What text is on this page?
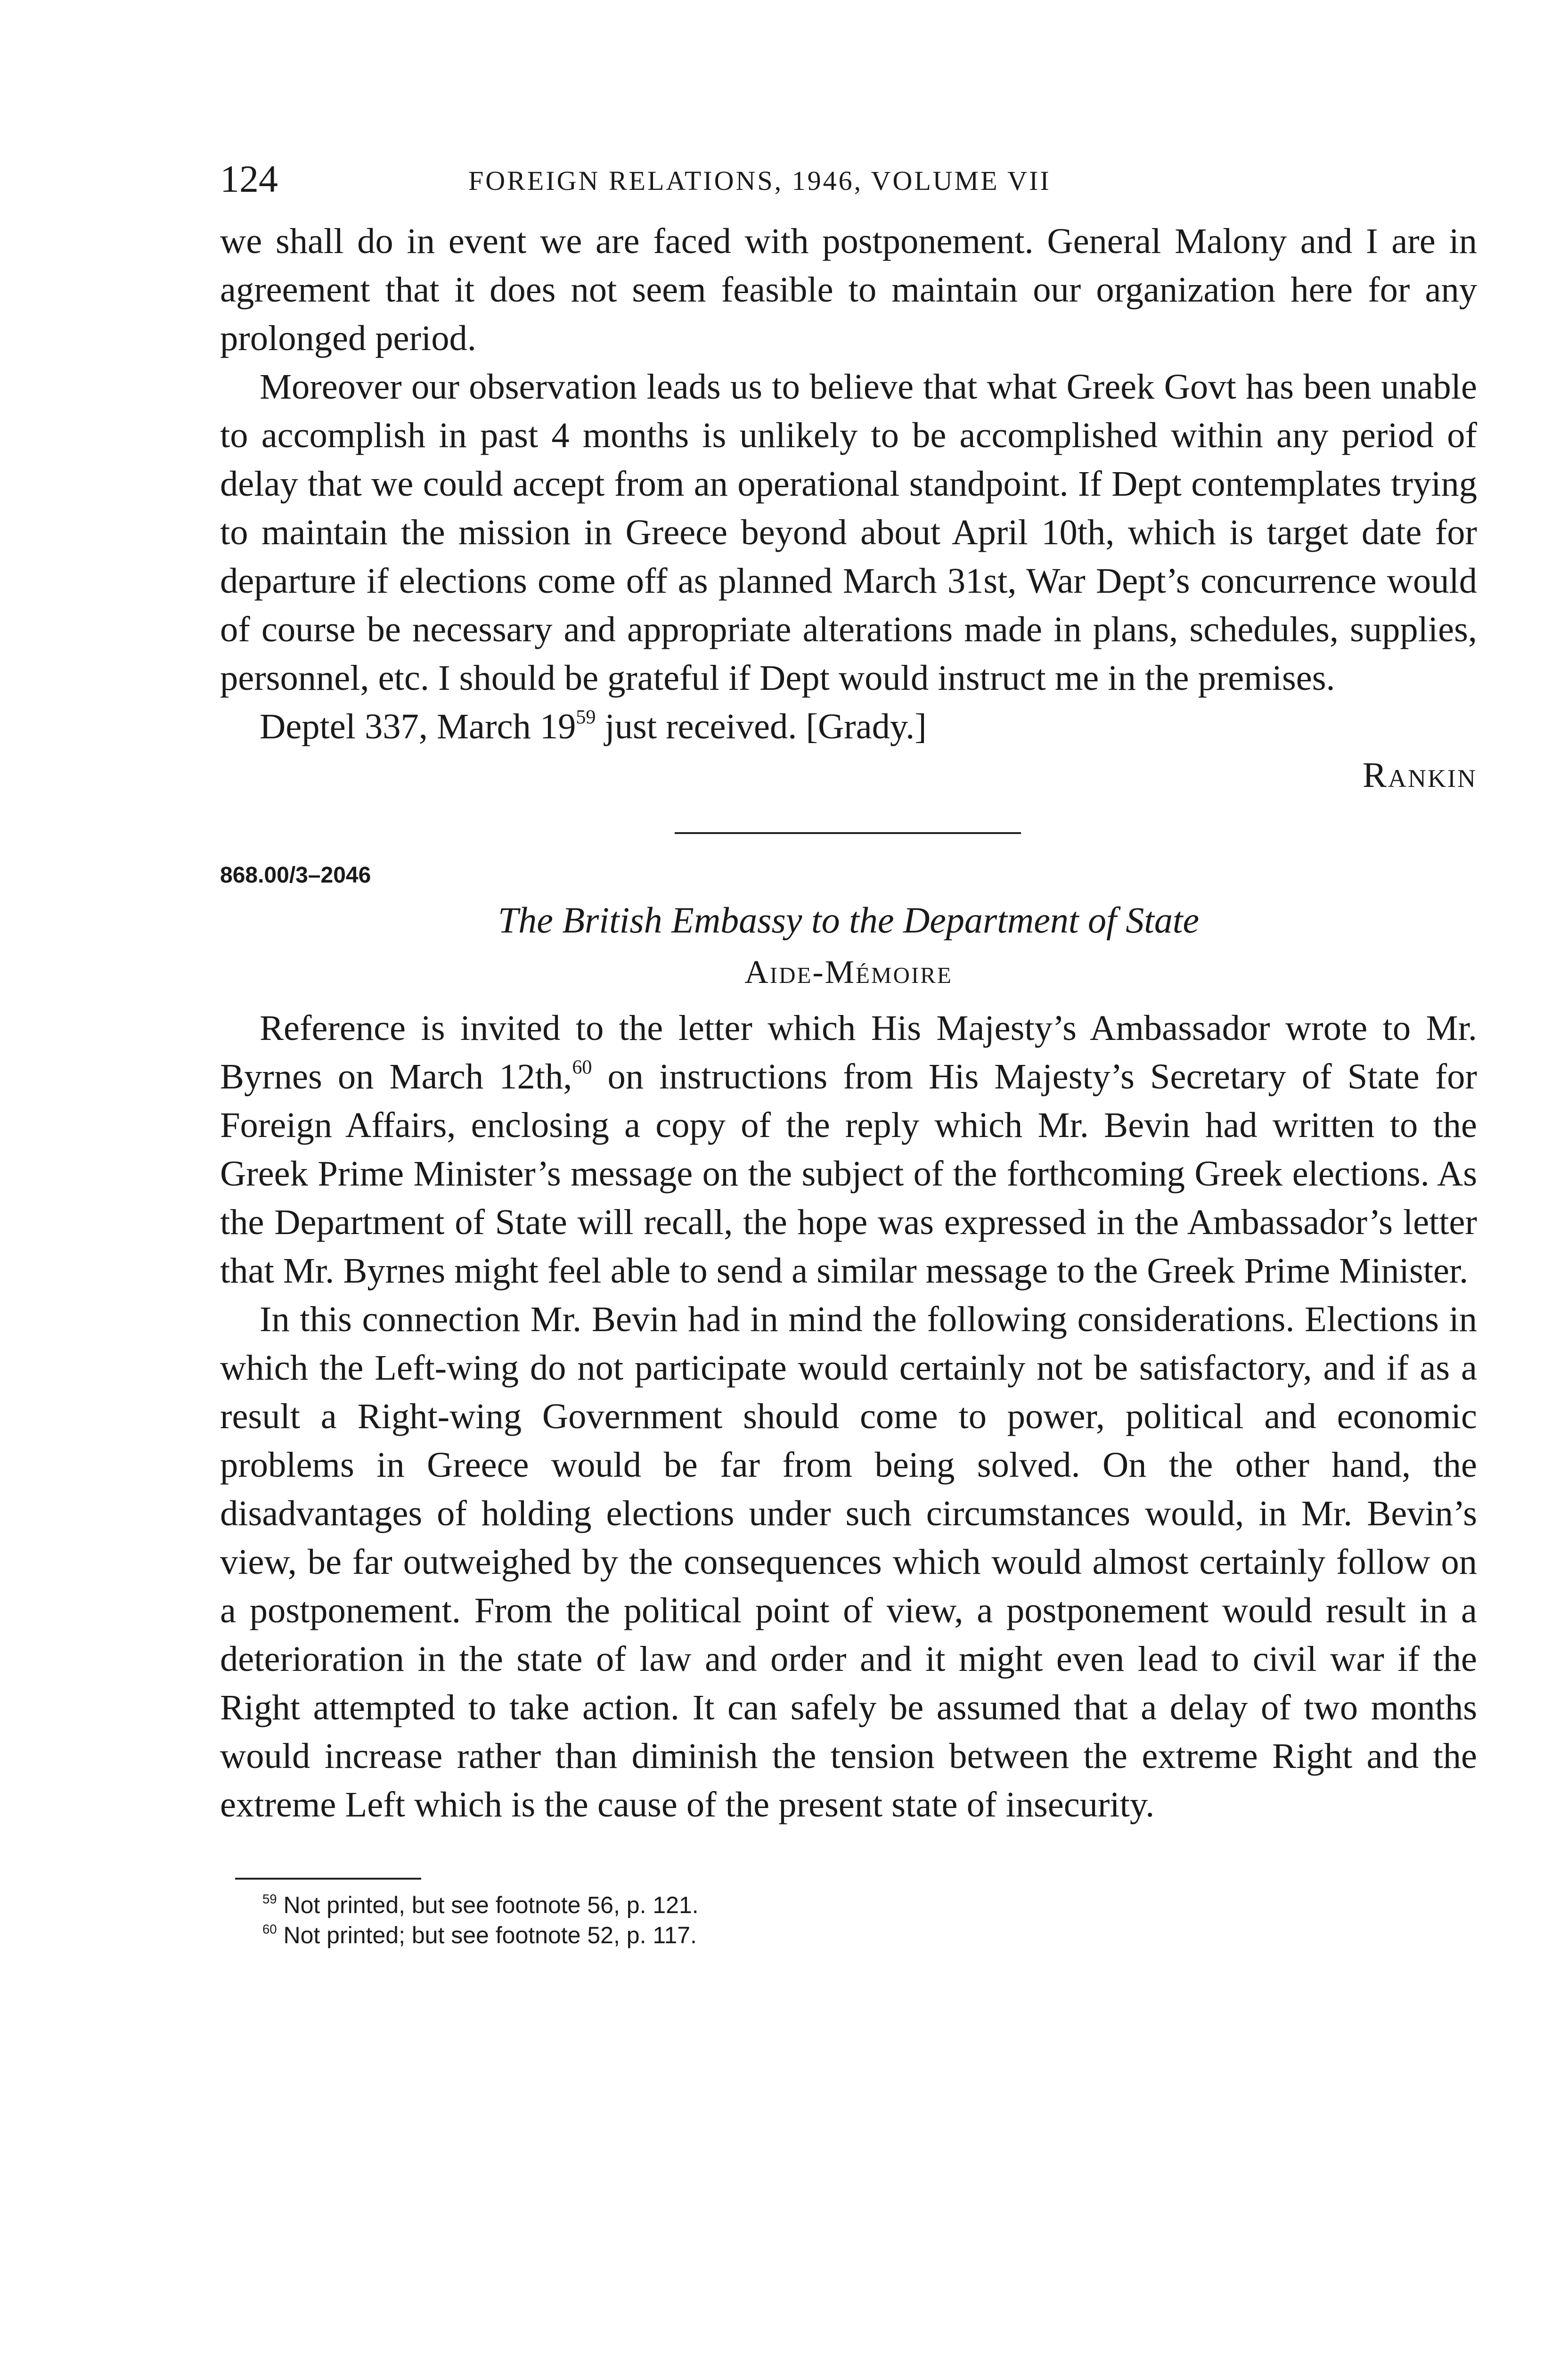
124	FOREIGN RELATIONS, 1946, VOLUME VII

we shall do in event we are faced with postponement. General Malony and I are in agreement that it does not seem feasible to maintain our organization here for any prolonged period.

Moreover our observation leads us to believe that what Greek Govt has been unable to accomplish in past 4 months is unlikely to be accomplished within any period of delay that we could accept from an operational standpoint. If Dept contemplates trying to maintain the mission in Greece beyond about April 10th, which is target date for departure if elections come off as planned March 31st, War Dept’s concurrence would of course be necessary and appropriate alterations made in plans, schedules, supplies, personnel, etc. I should be grateful if Dept would instruct me in the premises.

Deptel 337, March $19^{59}$ just received. [Grady.]

Rankin

868.00/3–2046

The British Embassy to the Department of State

Aide-Mémoire

Reference is invited to the letter which His Majesty’s Ambassador wrote to Mr. Byrnes on March 12th,$^{60}$ on instructions from His Majesty’s Secretary of State for Foreign Affairs, enclosing a copy of the reply which Mr. Bevin had written to the Greek Prime Minister’s message on the subject of the forthcoming Greek elections. As the Department of State will recall, the hope was expressed in the Ambassador’s letter that Mr. Byrnes might feel able to send a similar message to the Greek Prime Minister.

In this connection Mr. Bevin had in mind the following considerations. Elections in which the Left-wing do not participate would certainly not be satisfactory, and if as a result a Right-wing Government should come to power, political and economic problems in Greece would be far from being solved. On the other hand, the disadvantages of holding elections under such circumstances would, in Mr. Bevin’s view, be far outweighed by the consequences which would almost certainly follow on a postponement. From the political point of view, a postponement would result in a deterioration in the state of law and order and it might even lead to civil war if the Right attempted to take action. It can safely be assumed that a delay of two months would increase rather than diminish the tension between the extreme Right and the extreme Left which is the cause of the present state of insecurity.

$^{59}$ Not printed, but see footnote 56, p. 121.

$^{60}$ Not printed; but see footnote 52, p. 117.
